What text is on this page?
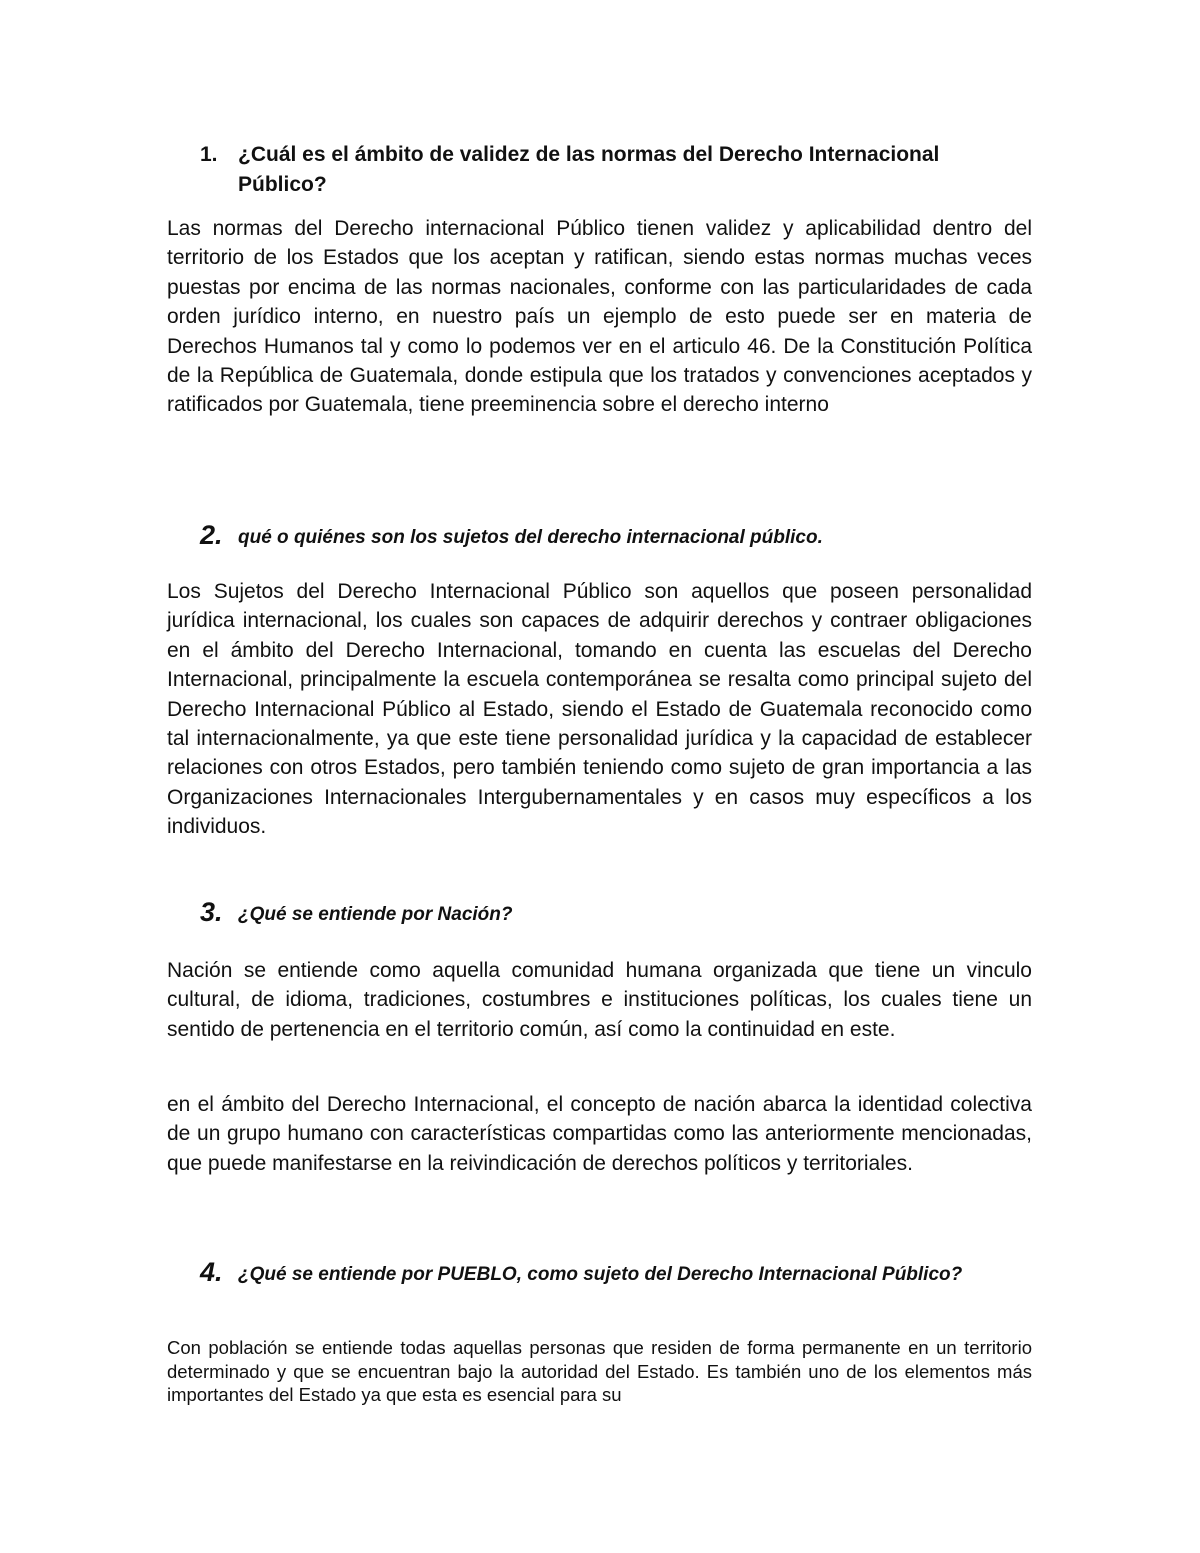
1. ¿Cuál es el ámbito de validez de las normas del Derecho Internacional Público?

Las normas del Derecho internacional Público tienen validez y aplicabilidad dentro del territorio de los Estados que los aceptan y ratifican, siendo estas normas muchas veces puestas por encima de las normas nacionales, conforme con las particularidades de cada orden jurídico interno, en nuestro país un ejemplo de esto puede ser en materia de Derechos Humanos tal y como lo podemos ver en el articulo 46. De la Constitución Política de la República de Guatemala, donde estipula que los tratados y convenciones aceptados y ratificados por Guatemala, tiene preeminencia sobre el derecho interno

2. qué o quiénes son los sujetos del derecho internacional público.

Los Sujetos del Derecho Internacional Público son aquellos que poseen personalidad jurídica internacional, los cuales son capaces de adquirir derechos y contraer obligaciones en el ámbito del Derecho Internacional, tomando en cuenta las escuelas del Derecho Internacional, principalmente la escuela contemporánea se resalta como principal sujeto del Derecho Internacional Público al Estado, siendo el Estado de Guatemala reconocido como tal internacionalmente, ya que este tiene personalidad jurídica y la capacidad de establecer relaciones con otros Estados, pero también teniendo como sujeto de gran importancia a las Organizaciones Internacionales Intergubernamentales y en casos muy específicos a los individuos.

3. ¿Qué se entiende por Nación?

Nación se entiende como aquella comunidad humana organizada que tiene un vinculo cultural, de idioma, tradiciones, costumbres e instituciones políticas, los cuales tiene un sentido de pertenencia en el territorio común, así como la continuidad en este.

en el ámbito del Derecho Internacional, el concepto de nación abarca la identidad colectiva de un grupo humano con características compartidas como las anteriormente mencionadas, que puede manifestarse en la reivindicación de derechos políticos y territoriales.

4. ¿Qué se entiende por PUEBLO, como sujeto del Derecho Internacional Público?

Con población se entiende todas aquellas personas que residen de forma permanente en un territorio determinado y que se encuentran bajo la autoridad del Estado. Es también uno de los elementos más importantes del Estado ya que esta es esencial para su
